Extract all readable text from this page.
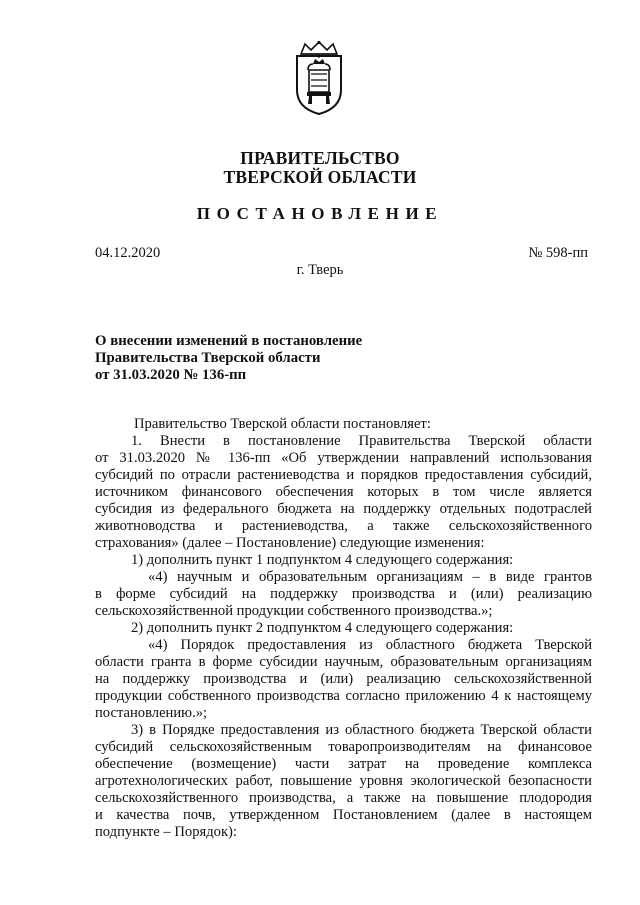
ПРАВИТЕЛЬСТВО
ТВЕРСКОЙ ОБЛАСТИ
ПОСТАНОВЛЕНИЕ
04.12.2020	№ 598-пп
г. Тверь
О внесении изменений в постановление
Правительства Тверской области
от 31.03.2020 № 136-пп
Правительство Тверской области постановляет:
1. Внести в постановление Правительства Тверской области
от 31.03.2020 № 136-пп «Об утверждении направлений использования
субсидий по отрасли растениеводства и порядков предоставления субсидий,
источником финансового обеспечения которых в том числе является
субсидия из федерального бюджета на поддержку отдельных подотраслей
животноводства и растениеводства, а также сельскохозяйственного
страхования» (далее – Постановление) следующие изменения:
1) дополнить пункт 1 подпунктом 4 следующего содержания:
«4) научным и образовательным организациям – в виде грантов
в форме субсидий на поддержку производства и (или) реализацию
сельскохозяйственной продукции собственного производства.»;
2) дополнить пункт 2 подпунктом 4 следующего содержания:
«4) Порядок предоставления из областного бюджета Тверской
области гранта в форме субсидии научным, образовательным организациям
на поддержку производства и (или) реализацию сельскохозяйственной
продукции собственного производства согласно приложению 4 к настоящему
постановлению.»;
3) в Порядке предоставления из областного бюджета Тверской области
субсидий сельскохозяйственным товаропроизводителям на финансовое
обеспечение (возмещение) части затрат на проведение комплекса
агротехнологических работ, повышение уровня экологической безопасности
сельскохозяйственного производства, а также на повышение плодородия
и качества почв, утвержденном Постановлением (далее в настоящем
подпункте – Порядок):
